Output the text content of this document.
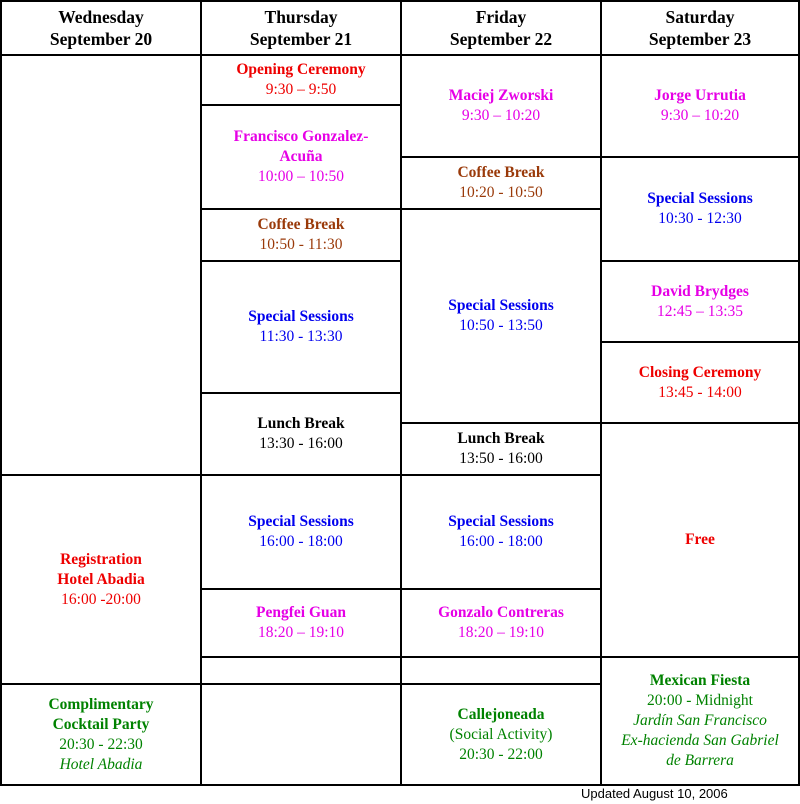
Wednesday
September 20
Thursday
September 21
Friday
September 22
Saturday
September 23
Registration
Hotel Abadia
16:00 -20:00
Complimentary
Cocktail Party
20:30 - 22:30
Hotel Abadia
Opening Ceremony
9:30 – 9:50
Francisco Gonzalez-
Acuña
10:00 – 10:50
Coffee Break
10:50 - 11:30
Special Sessions
11:30 - 13:30
Lunch Break
13:30 - 16:00
Special Sessions
16:00 - 18:00
Pengfei Guan
18:20 – 19:10
Maciej Zworski
9:30 – 10:20
Coffee Break
10:20 - 10:50
Special Sessions
10:50 - 13:50
Lunch Break
13:50 - 16:00
Special Sessions
16:00 - 18:00
Gonzalo Contreras
18:20 – 19:10
Callejoneada
(Social Activity)
20:30 - 22:00
Jorge Urrutia
9:30 – 10:20
Special Sessions
10:30 - 12:30
David Brydges
12:45 – 13:35
Closing Ceremony
13:45 - 14:00
Free
Mexican Fiesta
20:00 - Midnight
Jardín San Francisco
Ex-hacienda San Gabriel
de Barrera
Updated August 10, 2006
